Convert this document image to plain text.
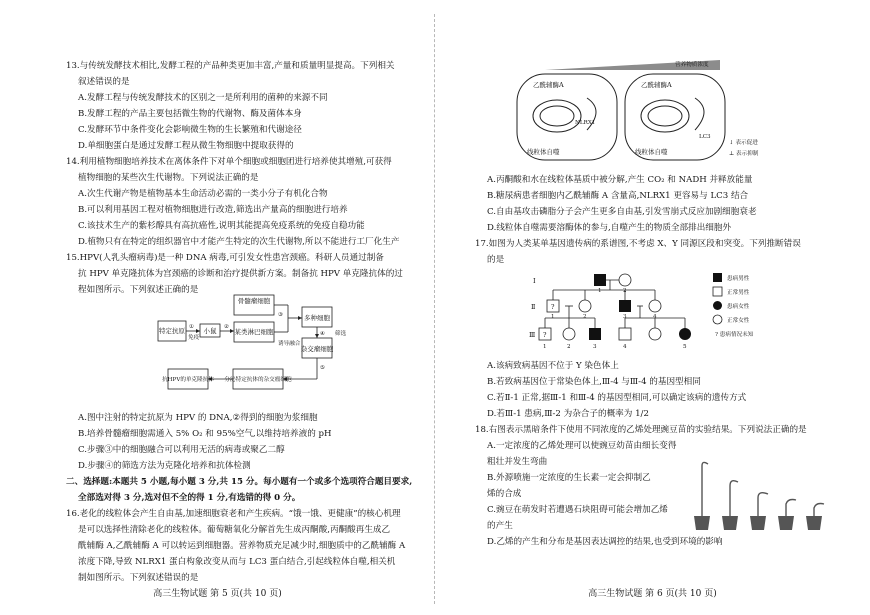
13.与传统发酵技术相比,发酵工程的产品种类更加丰富,产量和质量明显提高。下列相关
叙述错误的是
A.发酵工程与传统发酵技术的区别之一是所利用的菌种的来源不同
B.发酵工程的产品主要包括微生物的代谢物、酶及菌体本身
C.发酵环节中条件变化会影响微生物的生长繁殖和代谢途径
D.单细胞蛋白是通过发酵工程从微生物细胞中提取获得的
14.利用植物细胞培养技术在离体条件下对单个细胞或细胞团进行培养使其增殖,可获得
植物细胞的某些次生代谢物。下列说法正确的是
A.次生代谢产物是植物基本生命活动必需的一类小分子有机化合物
B.可以利用基因工程对植物细胞进行改造,筛选出产量高的细胞进行培养
C.该技术生产的紫杉醇具有高抗癌性,说明其能提高免疫系统的免疫自稳功能
D.植物只有在特定的组织器官中才能产生特定的次生代谢物,所以不能进行工厂化生产
15.HPV(人乳头瘤病毒)是一种 DNA 病毒,可引发女性患宫颈癌。科研人员通过制备
抗 HPV 单克隆抗体为宫颈癌的诊断和治疗提供新方案。制备抗 HPV 单克隆抗体的过
程如图所示。下列叙述正确的是
A.图中注射的特定抗原为 HPV 的 DNA,②得到的细胞为浆细胞
B.培养骨髓瘤细胞需通入 5% O₂ 和 95%空气,以维持培养液的 pH
C.步骤③中的细胞融合可以利用无活的病毒或聚乙二醇
D.步骤④的筛选方法为克隆化培养和抗体检测
二、选择题:本题共 5 小题,每小题 3 分,共 15 分。每小题有一个或多个选项符合题目要求,
全部选对得 3 分,选对但不全的得 1 分,有选错的得 0 分。
16.老化的线粒体会产生自由基,加速细胞衰老和产生疾病。“饿一饿、更健康”的核心机理
是可以选择性清除老化的线粒体。葡萄糖氧化分解首先生成丙酮酸,丙酮酸再生成乙
酰辅酶 A,乙酰辅酶 A 可以转运到细胞器。营养物质充足减少时,细胞质中的乙酰辅酶 A
浓度下降,导致 NLRX1 蛋白构象改变从而与 LC3 蛋白结合,引起线粒体自噬,相关机
制如图所示。下列叙述错误的是
骨髓瘤细胞
特定抗原 ①
免疫
小鼠 ②
某类淋巴细胞
③
诱导融合
多种细胞
④ 筛选
杂交瘤细胞
⑤
分泌特定抗体的杂交瘤细胞
抗HPV的单克隆抗体
高三生物试题 第 5 页(共 10 页)
营养物质浓度
乙酰辅酶A	乙酰辅酶A
NLRX1
LC3
线粒体自噬	线粒体自噬
↓ 表示促进
⊥ 表示抑制
A.丙酮酸和水在线粒体基质中被分解,产生 CO₂ 和 NADH 并释放能量
B.糖尿病患者细胞内乙酰辅酶 A 含量高,NLRX1 更容易与 LC3 结合
C.自由基攻击磷脂分子会产生更多自由基,引发雪崩式反应加剧细胞衰老
D.线粒体自噬需要溶酶体的参与,自噬产生的物质全部排出细胞外
17.如图为人类某单基因遗传病的系谱图,不考虑 X、Y 同源区段和突变。下列推断错误
的是
A.该病致病基因不位于 Y 染色体上
B.若致病基因位于常染色体上,Ⅲ-4 与Ⅲ-4 的基因型相同
C.若Ⅱ-1 正常,据Ⅲ-1 和Ⅲ-4 的基因型相同,可以确定该病的遗传方式
D.若Ⅲ-1 患病,Ⅲ-2 为杂合子的概率为 1/2
18.右图表示黑暗条件下使用不同浓度的乙烯处理豌豆苗的实验结果。下列说法正确的是
A.一定浓度的乙烯处理可以使豌豆幼苗由细长变得
粗壮并发生弯曲
B.外源喷施一定浓度的生长素一定会抑制乙
烯的合成
C.豌豆在萌发时若遭遇石块阻碍可能会增加乙烯
的产生
D.乙烯的产生和分布是基因表达调控的结果,也受到环境的影响
Ⅰ
Ⅱ
Ⅲ
?
?
1	2
1	2	3	4
1	2	3	4	5
患病男性
正常男性
患病女性
正常女性
? 患病情况未知
高三生物试题 第 6 页(共 10 页)
